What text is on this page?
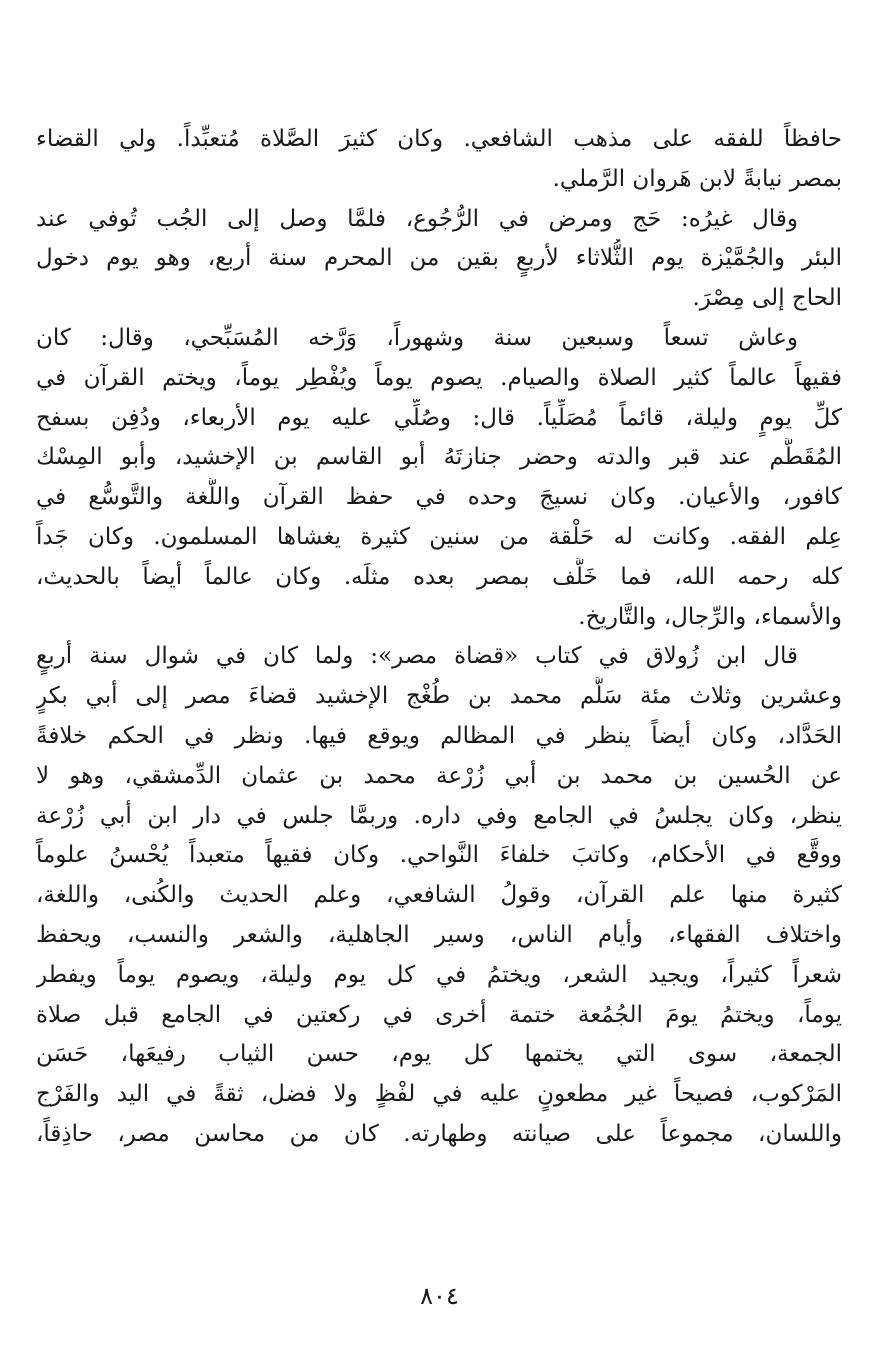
حافظاً للفقه على مذهب الشافعي. وكان كثيرَ الصَّلاة مُتعبِّداً. ولي القضاء
بمصر نيابةً لابن هَروان الرَّملي.
وقال غيرُه: حَج ومرض في الرُّجُوع، فلمَّا وصل إلى الجُب تُوفي عند
البئر والجُمَّيْزة يوم الثُّلاثاء لأربعٍ بقين من المحرم سنة أربع، وهو يوم دخول
الحاج إلى مِصْرَ.
وعاش تسعاً وسبعين سنة وشهوراً، وَرَّخه المُسَبِّحي، وقال: كان
فقيهاً عالماً كثير الصلاة والصيام. يصوم يوماً ويُفْطِر يوماً، ويختم القرآن في
كلِّ يومٍ وليلة، قائماً مُصَلِّياً. قال: وصُلِّي عليه يوم الأربعاء، ودُفِن بسفح
المُقَطَّم عند قبر والدته وحضر جنازتَهُ أبو القاسم بن الإخشيد، وأبو المِسْك
كافور، والأعيان. وكان نسيجَ وحده في حفظ القرآن واللُّغة والتَّوسُّع في
عِلم الفقه. وكانت له حَلْقة من سنين كثيرة يغشاها المسلمون. وكان جَداً
كله رحمه الله، فما خَلَّف بمصر بعده مثلَه. وكان عالماً أيضاً بالحديث،
والأسماء، والرِّجال، والتَّاريخ.
قال ابن زُولاق في كتاب «قضاة مصر»: ولما كان في شوال سنة أربعٍ
وعشرين وثلاث مئة سَلَّم محمد بن طُغْج الإخشيد قضاءَ مصر إلى أبي بكرٍ
الحَدَّاد، وكان أيضاً ينظر في المظالم ويوقع فيها. ونظر في الحكم خلافةً
عن الحُسين بن محمد بن أبي زُرْعة محمد بن عثمان الدِّمشقي، وهو لا
ينظر، وكان يجلسُ في الجامع وفي داره. وربمَّا جلس في دار ابن أبي زُرْعة
ووقَّع في الأحكام، وكاتبَ خلفاءَ النَّواحي. وكان فقيهاً متعبداً يُحْسنُ علوماً
كثيرة منها علم القرآن، وقولُ الشافعي، وعلم الحديث والكُنى، واللغة،
واختلاف الفقهاء، وأيام الناس، وسير الجاهلية، والشعر والنسب، ويحفظ
شعراً كثيراً، ويجيد الشعر، ويختمُ في كل يوم وليلة، ويصوم يوماً ويفطر
يوماً، ويختمُ يومَ الجُمُعة ختمة أخرى في ركعتين في الجامع قبل صلاة
الجمعة، سوى التي يختمها كل يوم، حسن الثياب رفيعَها، حَسَن
المَرْكوب، فصيحاً غير مطعونٍ عليه في لفْظٍ ولا فضل، ثقةً في اليد والفَرْج
واللسان، مجموعاً على صيانته وطهارته. كان من محاسن مصر، حاذِقاً،
٨٠٤
